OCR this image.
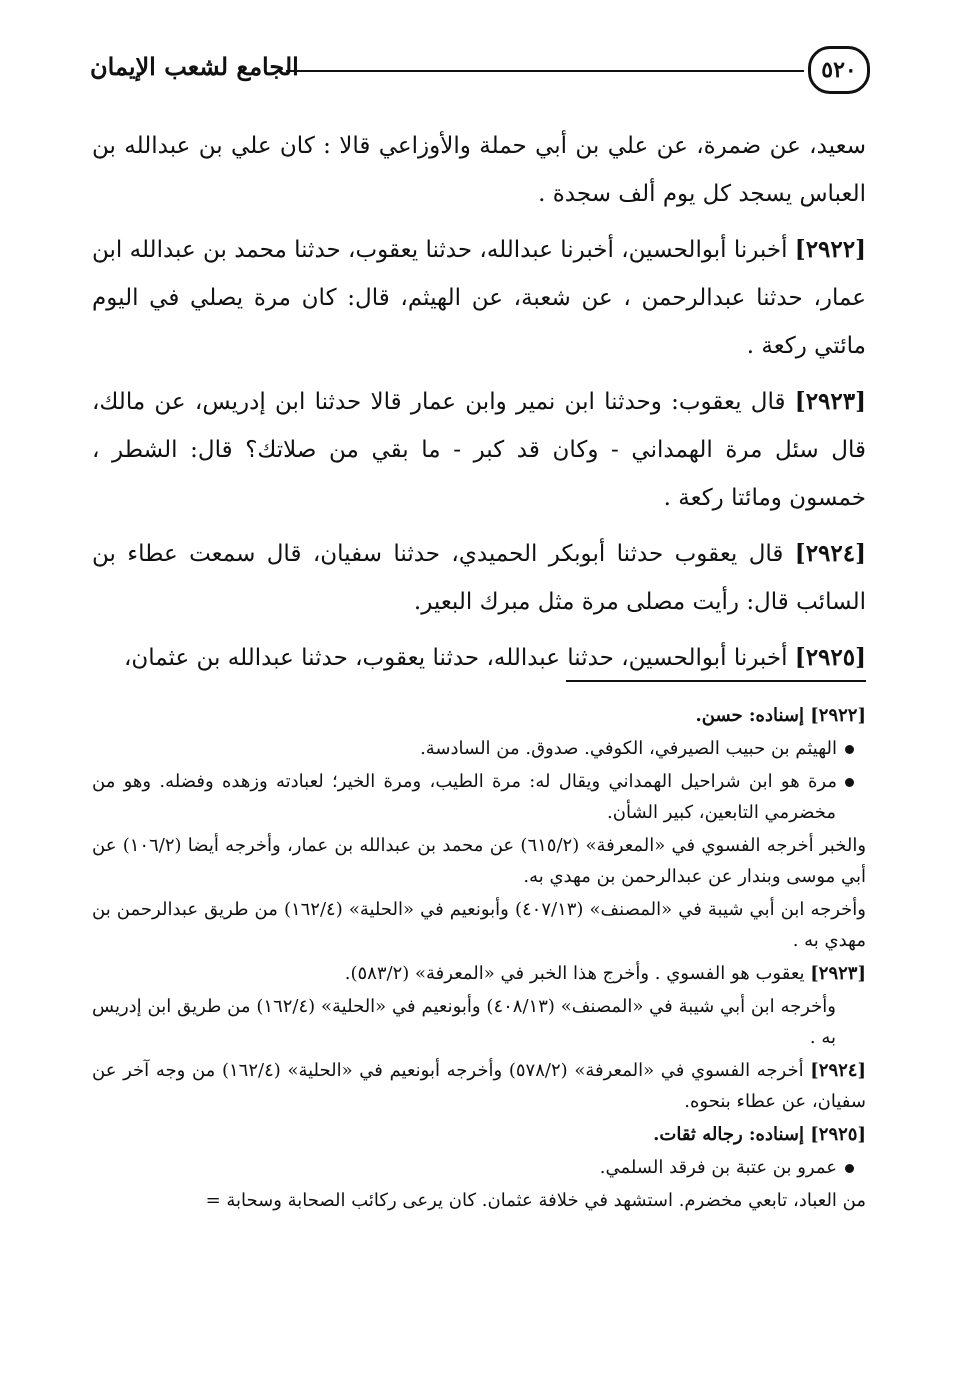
٥٢٠
الجامع لشعب الإيمان

سعيد، عن ضمرة، عن علي بن أبي حملة والأوزاعي قالا : كان علي بن عبدالله بن العباس يسجد كل يوم ألف سجدة .

[٢٩٢٢] أخبرنا أبوالحسين، أخبرنا عبدالله، حدثنا يعقوب، حدثنا محمد بن عبدالله ابن عمار، حدثنا عبدالرحمن ، عن شعبة، عن الهيثم، قال: كان مرة يصلي في اليوم مائتي ركعة .

[٢٩٢٣] قال يعقوب: وحدثنا ابن نمير وابن عمار قالا حدثنا ابن إدريس، عن مالك، قال سئل مرة الهمداني - وكان قد كبر - ما بقي من صلاتك؟ قال: الشطر ، خمسون ومائتا ركعة .

[٢٩٢٤] قال يعقوب حدثنا أبوبكر الحميدي، حدثنا سفيان، قال سمعت عطاء بن السائب قال: رأيت مصلى مرة مثل مبرك البعير.

[٢٩٢٥] أخبرنا أبوالحسين، حدثنا عبدالله، حدثنا يعقوب، حدثنا عبدالله بن عثمان،

[٢٩٢٢] إسناده: حسن.

الهيثم بن حبيب الصيرفي، الكوفي. صدوق. من السادسة.

مرة هو ابن شراحيل الهمداني ويقال له: مرة الطيب، ومرة الخير؛ لعبادته وزهده وفضله. وهو من مخضرمي التابعين، كبير الشأن.

والخبر أخرجه الفسوي في «المعرفة» (٦١٥/٢) عن محمد بن عبدالله بن عمار، وأخرجه أيضا (١٠٦/٢) عن أبي موسى وبندار عن عبدالرحمن بن مهدي به.

وأخرجه ابن أبي شيبة في «المصنف» (٤٠٧/١٣) وأبونعيم في «الحلية» (١٦٢/٤) من طريق عبدالرحمن بن مهدي به .

[٢٩٢٣] يعقوب هو الفسوي . وأخرج هذا الخبر في «المعرفة» (٥٨٣/٢).

وأخرجه ابن أبي شيبة في «المصنف» (٤٠٨/١٣) وأبونعيم في «الحلية» (١٦٢/٤) من طريق ابن إدريس به .

[٢٩٢٤] أخرجه الفسوي في «المعرفة» (٥٧٨/٢) وأخرجه أبونعيم في «الحلية» (١٦٢/٤) من وجه آخر عن سفيان، عن عطاء بنحوه.

[٢٩٢٥] إسناده: رجاله ثقات.

عمرو بن عتبة بن فرقد السلمي.

من العباد، تابعي مخضرم. استشهد في خلافة عثمان. كان يرعى ركائب الصحابة وسحابة =
